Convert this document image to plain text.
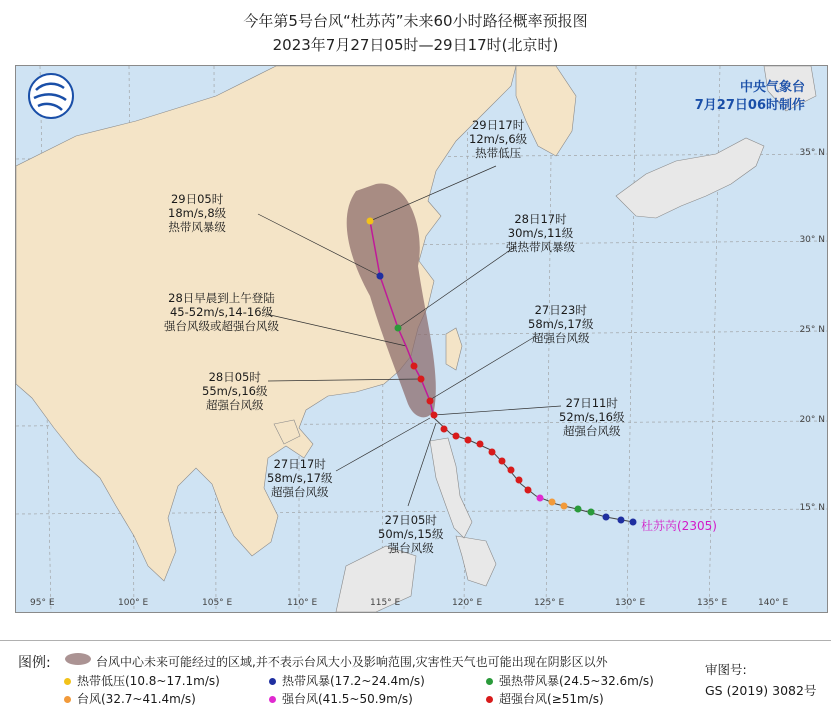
今年第5号台风“杜苏芮”未来60小时路径概率预报图
2023年7月27日05时—29日17时(北京时)
95° E	100° E	105° E	110° E	115° E	120° E	125° E	130° E	135° E	140° E
35° N
30° N
25° N
20° N
15° N
中央气象台
7月27日06时制作
29日17时
12m/s,6级
热带低压
29日05时
18m/s,8级
热带风暴级
28日17时
30m/s,11级
强热带风暴级
28日早晨到上午登陆
45-52m/s,14-16级
强台风级或超强台风级
27日23时
58m/s,17级
超强台风级
28日05时
55m/s,16级
超强台风级	27日11时
52m/s,16级
超强台风级
27日17时
58m/s,17级
超强台风级
27日05时
50m/s,15级
强台风级
杜苏芮(2305)
图例:	台风中心未来可能经过的区域,并不表示台风大小及影响范围,灾害性天气也可能出现在阴影区以外
热带低压(10.8~17.1m/s)	热带风暴(17.2~24.4m/s)	强热带风暴(24.5~32.6m/s)
台风(32.7~41.4m/s)	强台风(41.5~50.9m/s)	超强台风(≥51m/s)
审图号:
GS (2019) 3082号
